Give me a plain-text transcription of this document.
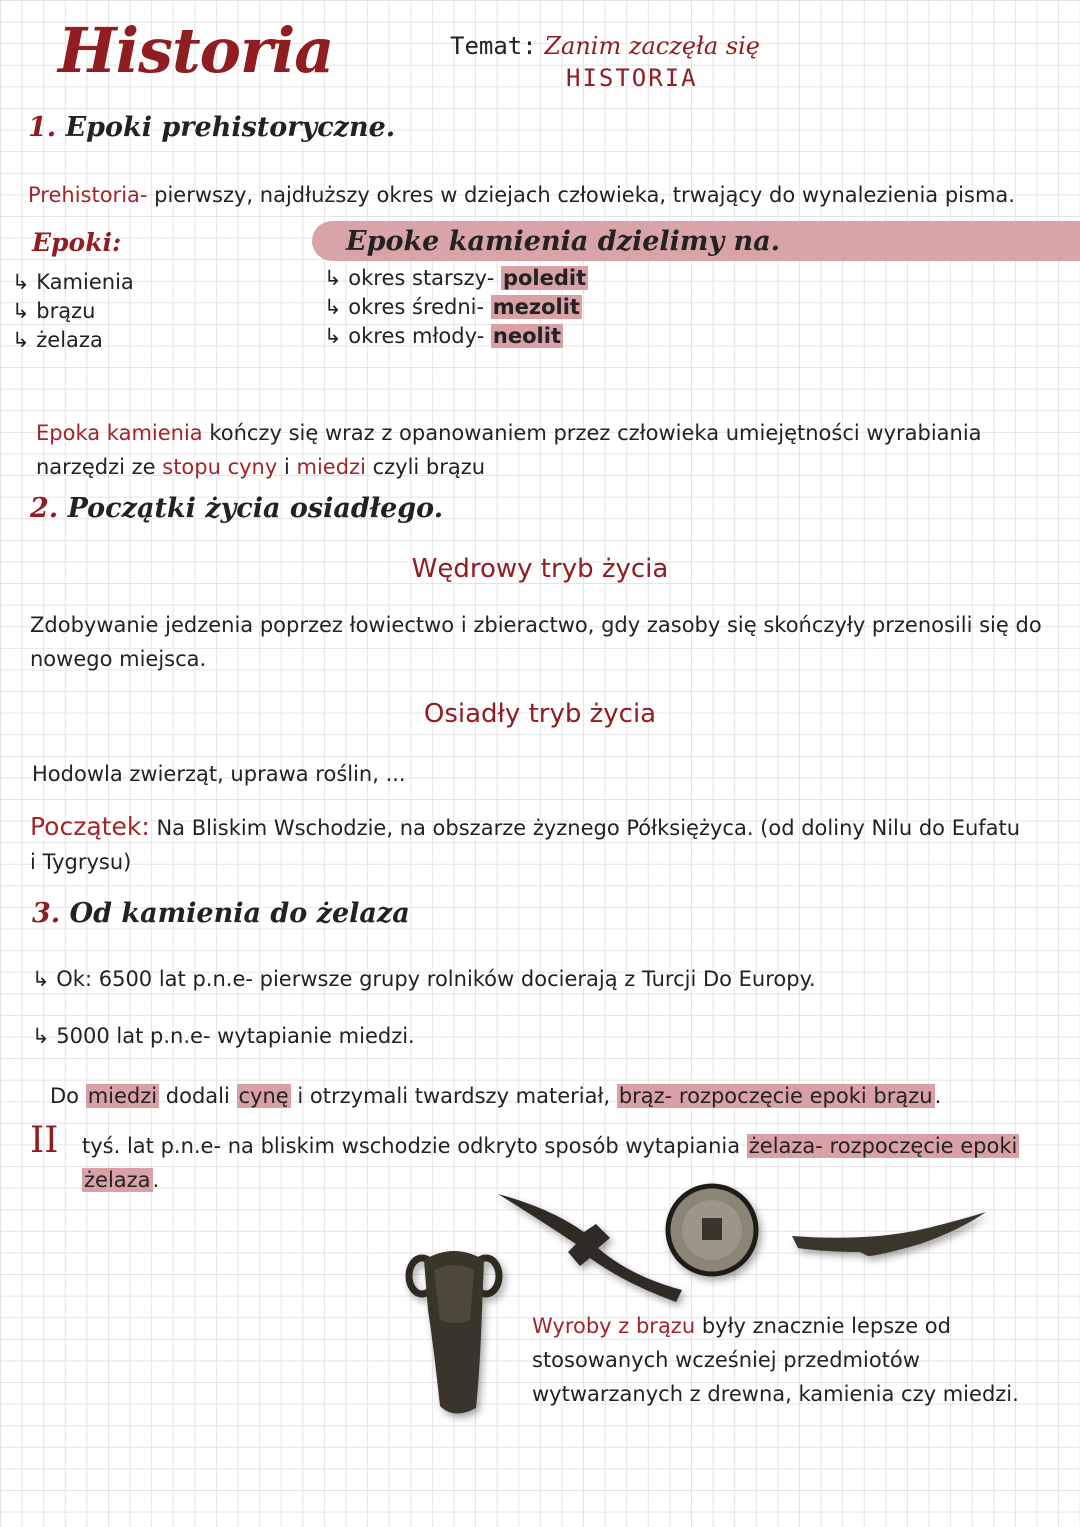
Historia	Temat: Zanim zaczęła się
HISTORIA
1. Epoki prehistoryczne.
Prehistoria- pierwszy, najdłuższy okres w dziejach człowieka, trwający do wynalezienia pisma.
Epoki:
↳ Kamienia
↳ brązu
↳ żelaza
Epoke kamienia dzielimy na.
↳ okres starszy- poledit
↳ okres średni- mezolit
↳ okres młody- neolit
Epoka kamienia kończy się wraz z opanowaniem przez człowieka umiejętności wyrabiania
narzędzi ze stopu cyny i miedzi czyli brązu
2. Początki życia osiadłego.
Wędrowy tryb życia
Zdobywanie jedzenia poprzez łowiectwo i zbieractwo, gdy zasoby się skończyły przenosili się do
nowego miejsca.
Osiadły tryb życia
Hodowla zwierząt, uprawa roślin, ...
Początek: Na Bliskim Wschodzie, na obszarze żyznego Półksiężyca. (od doliny Nilu do Eufatu
i Tygrysu)
3. Od kamienia do żelaza
↳ Ok: 6500 lat p.n.e- pierwsze grupy rolników docierają z Turcji Do Europy.
↳ 5000 lat p.n.e- wytapianie miedzi.
Do miedzi dodali cynę i otrzymali twardszy materiał, brąz- rozpoczęcie epoki brązu.
II tyś. lat p.n.e- na bliskim wschodzie odkryto sposób wytapiania żelaza- rozpoczęcie epoki
żelaza.
Wyroby z brązu były znacznie lepsze od
stosowanych wcześniej przedmiotów
wytwarzanych z drewna, kamienia czy miedzi.
